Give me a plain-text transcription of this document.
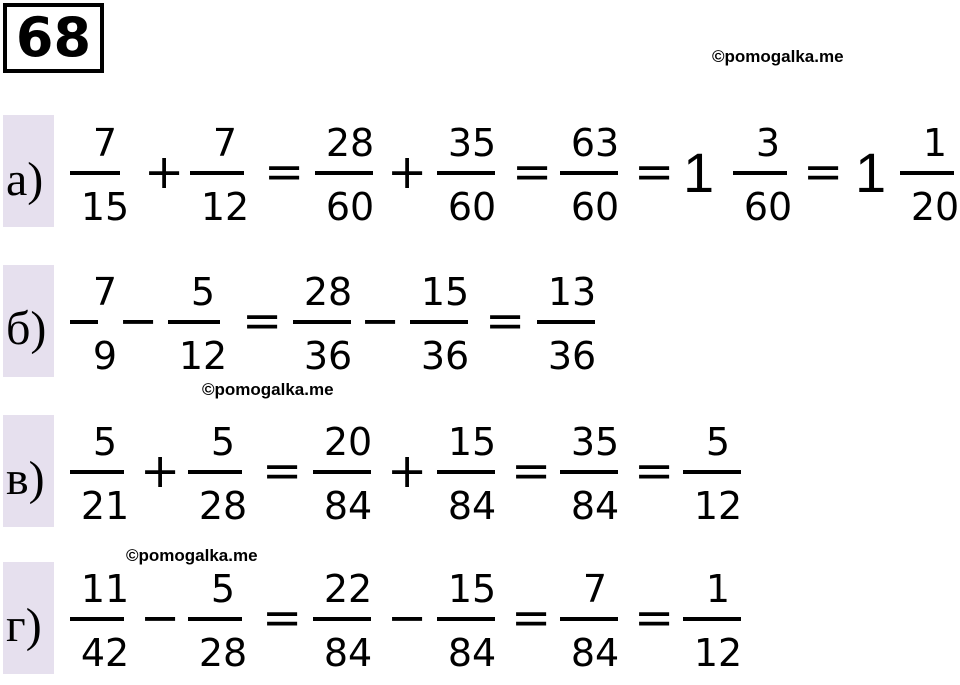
68	©pomogalka.me
©pomogalka.me
©pomogalka.me
а)
7
15
+
7
12
=
28
60
+
35
60
=
63
60
= 1	3
60
= 1 1
20
б)
7
9
−
5
12
=
28
36
−
15
36
=
13
36
в)
5
21
+
5
28
=
20
84
+
15
84
=
35
84
=
5
12
г)
11
42
−
5
28
=
22
84
−
15
84
=
7
84
=
1
12
